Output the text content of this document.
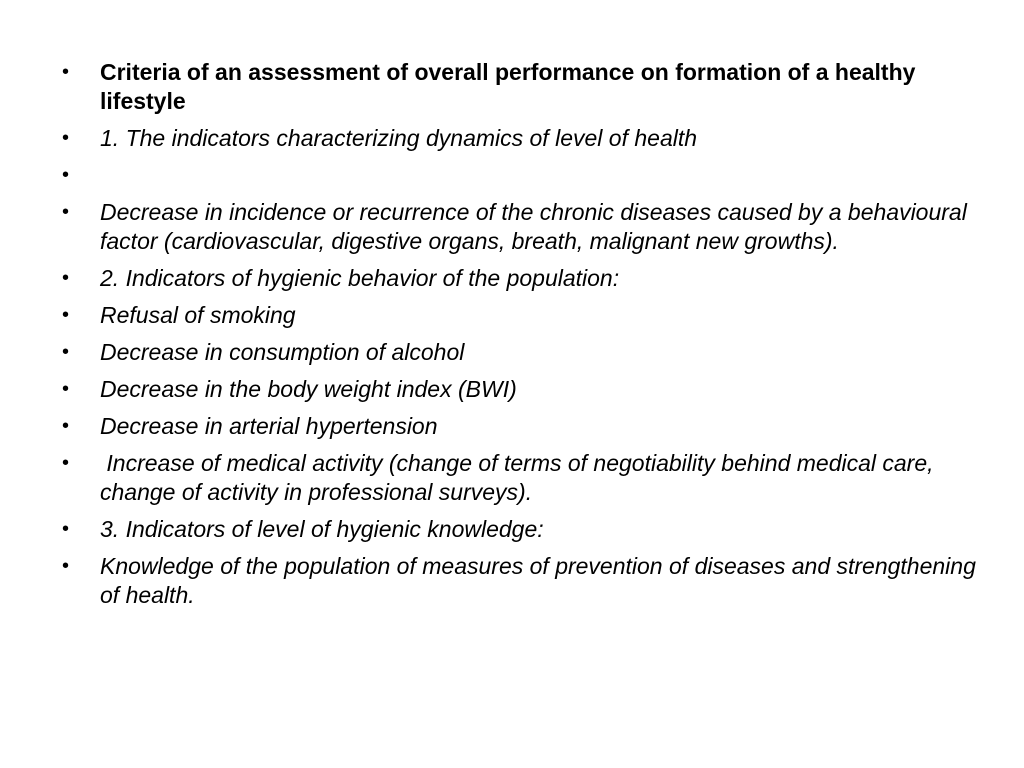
• Criteria of an assessment of overall performance on formation of a healthy lifestyle
• 1. The indicators characterizing dynamics of level of health
•
• Decrease in incidence or recurrence of the chronic diseases caused by a behavioural factor (cardiovascular, digestive organs, breath, malignant new growths).
• 2. Indicators of hygienic behavior of the population:
• Refusal of smoking
• Decrease in consumption of alcohol
• Decrease in the body weight index (BWI)
• Decrease in arterial hypertension
• Increase of medical activity (change of terms of negotiability behind medical care, change of activity in professional surveys).
• 3. Indicators of level of hygienic knowledge:
• Knowledge of the population of measures of prevention of diseases and strengthening of health.
